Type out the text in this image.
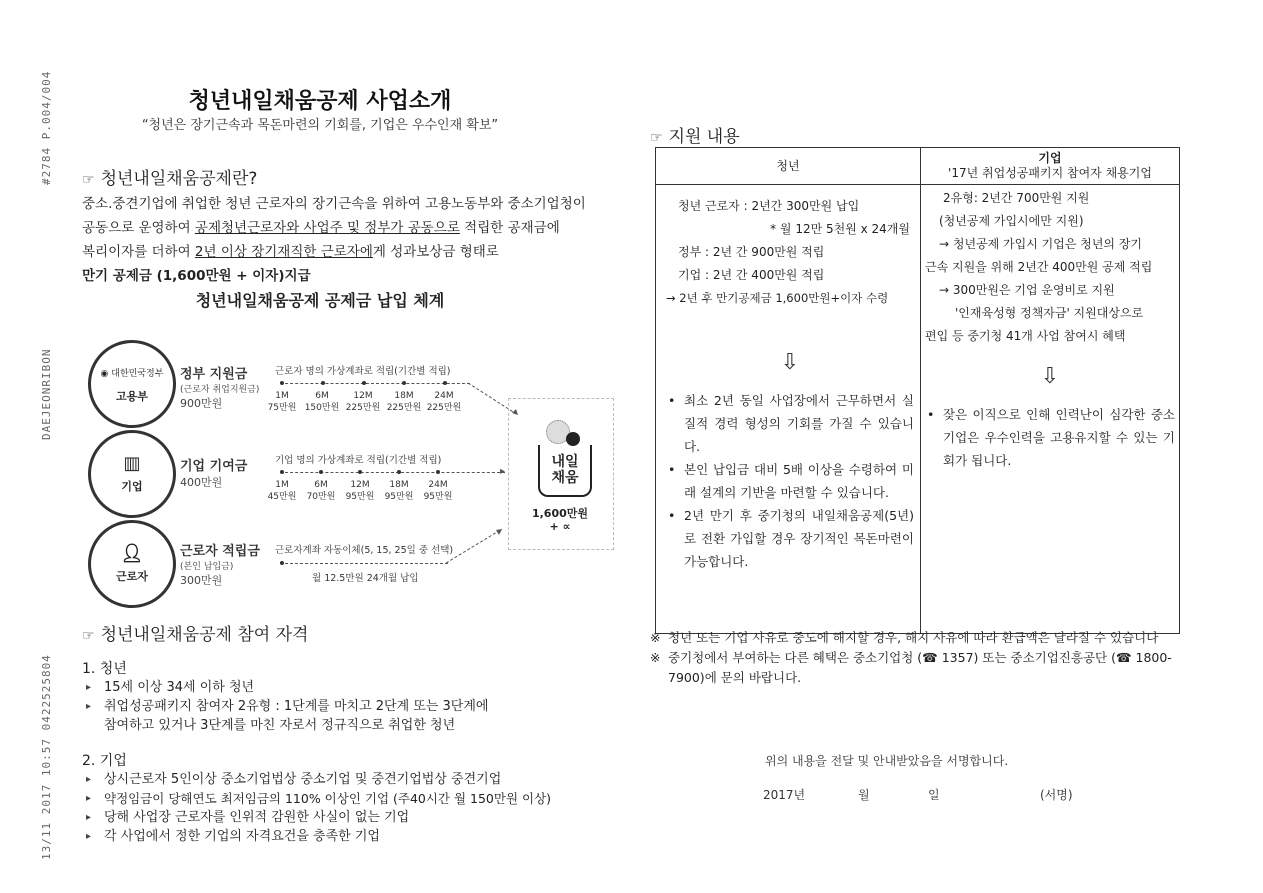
#2784 P.004/004
DAEJEONRIBON
13/11 2017 10:57 0422525804
청년내일채움공제 사업소개
“청년은 장기근속과 목돈마련의 기회를, 기업은 우수인재 확보”
☞ 청년내일채움공제란?
중소.중견기업에 취업한 청년 근로자의 장기근속을 위하여 고용노동부와 중소기업청이
공동으로 운영하여 공제청년근로자와 사업주 및 정부가 공동으로 적립한 공재금에
복리이자를 더하여 2년 이상 장기재직한 근로자에게 성과보상금 형태로
만기 공제금 (1,600만원 + 이자)지급
청년내일채움공제 공제금 납입 체계
◉ 대한민국정부
고용부
정부 지원금
(근로자 취업지원금)
900만원
근로자 명의 가상계좌로 적립(기간별 적립)
1M
75만원
6M
150만원
12M
225만원
18M
225만원
24M
225만원
▥
기업
기업 기여금
400만원
기업 명의 가상계좌로 적립(기간별 적립)
▸
1M
45만원
6M
70만원
12M
95만원
18M
95만원
24M
95만원
👤︎
근로자
근로자 적립금
(본인 납입금)
300만원
근로자계좌 자동이체(5, 15, 25일 중 선택)
월 12.5만원 24개월 납입
내일
채움
1,600만원
+ ∝
☞ 청년내일채움공제 참여 자격
1. 청년
▸ 15세 이상 34세 이하 청년
▸ 취업성공패키지 참여자 2유형 : 1단계를 마치고 2단계 또는 3단계에
참여하고 있거나 3단계를 마친 자로서 정규직으로 취업한 청년
2. 기업
▸ 상시근로자 5인이상 중소기업법상 중소기업 및 중견기업법상 중견기업
▸ 약정임금이 당해연도 최저임금의 110% 이상인 기업 (주40시간 월 150만원 이상)
▸ 당해 사업장 근로자를 인위적 감원한 사실이 없는 기업
▸ 각 사업에서 정한 기업의 자격요건을 충족한 기업
☞ 지원 내용
청년	기업
'17년 취업성공패키지 참여자 채용기업

청년 근로자 : 2년간 300만원 납입
* 월 12만 5천원 x 24개월
정부 : 2년 간 900만원 적립
기업 : 2년 간 400만원 적립
→ 2년 후 만기공제금 1,600만원+이자 수령
⇩
• 최소 2년 동일 사업장에서 근무하면서 실질적 경력 형성의 기회를 가질 수 있습니다.
• 본인 납입금 대비 5배 이상을 수령하여 미래 설계의 기반을 마련할 수 있습니다.
• 2년 만기 후 중기청의 내일채움공제(5년)로 전환 가입할 경우 장기적인 목돈마련이 가능합니다.

2유형: 2년간 700만원 지원
(청년공제 가입시에만 지원)
→ 청년공제 가입시 기업은 청년의 장기
근속 지원을 위해 2년간 400만원 공제 적립
→ 300만원은 기업 운영비로 지원
'인재육성형 정책자금' 지원대상으로
편입 등 중기청 41개 사업 참여시 혜택
⇩
• 잦은 이직으로 인해 인력난이 심각한 중소기업은 우수인력을 고용유지할 수 있는 기회가 됩니다.
※ 청년 또는 기업 사유로 중도에 해지할 경우, 해지 사유에 따라 환급액은 달라질 수 있습니다
※ 중기청에서 부여하는 다른 혜택은 중소기업청 (☎ 1357) 또는 중소기업진흥공단 (☎ 1800-7900)에 문의 바랍니다.
위의 내용을 전달 및 안내받았음을 서명합니다.
2017년	월	일	(서명)
